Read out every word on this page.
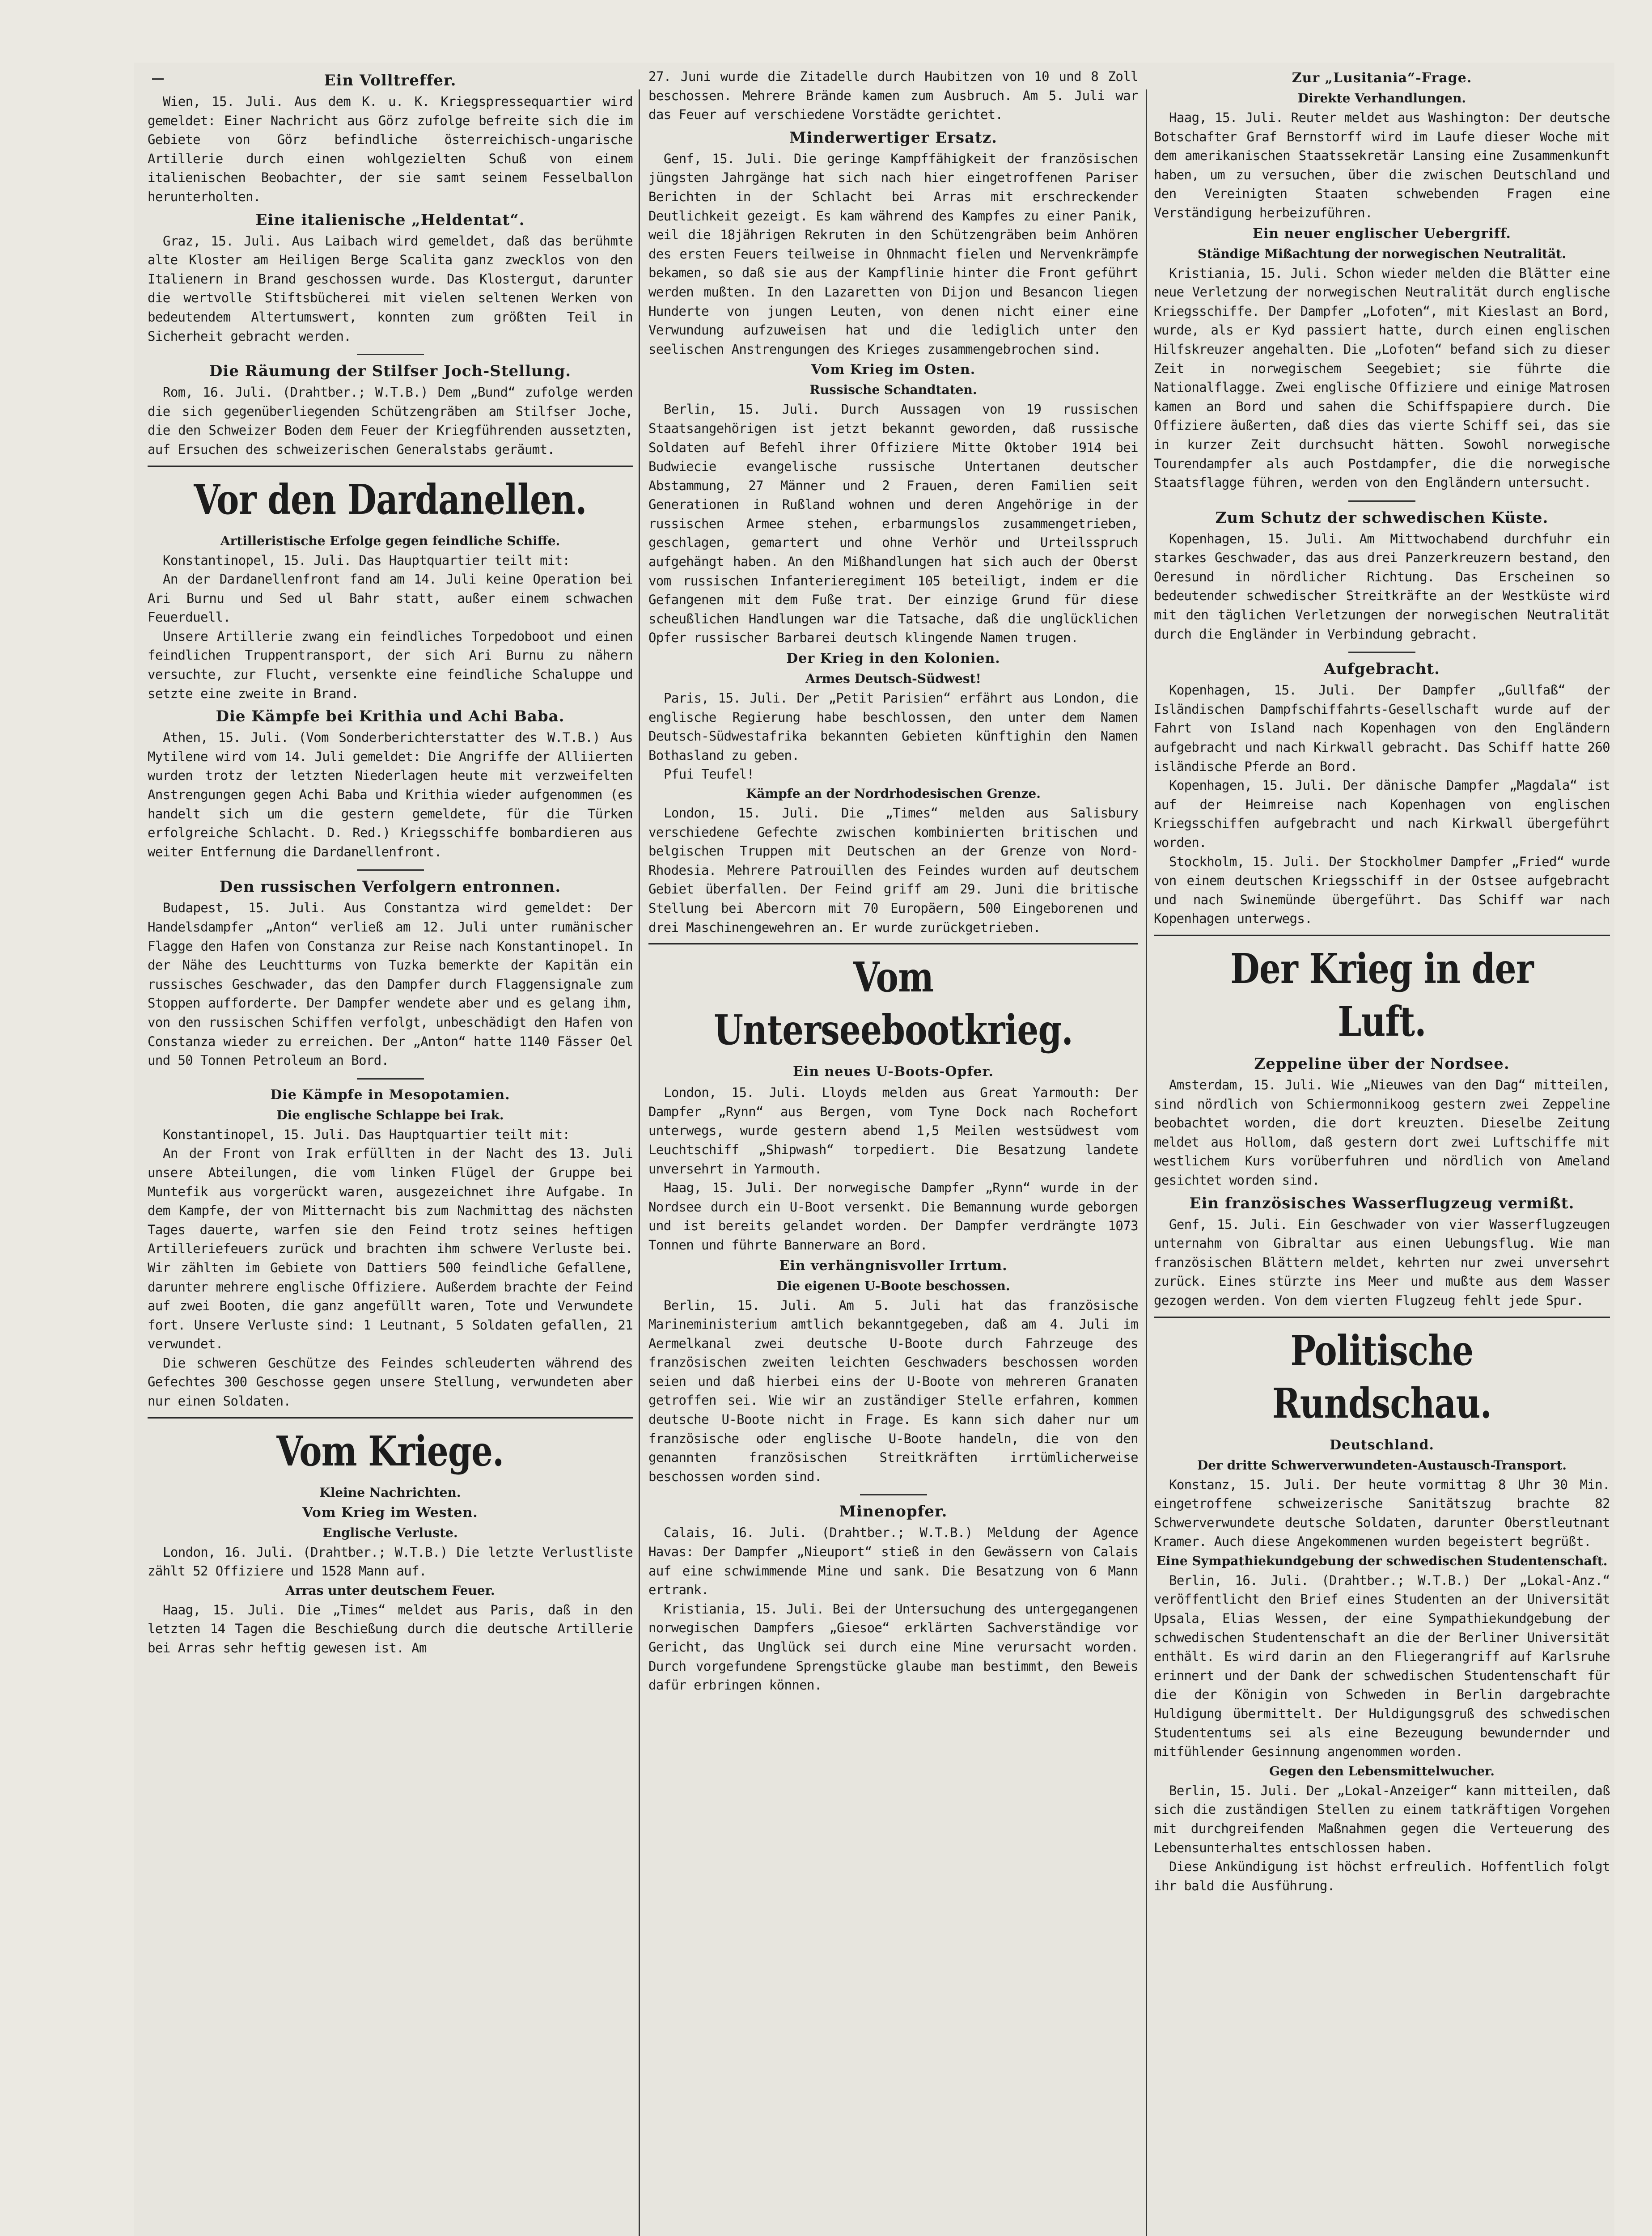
Ein Volltreffer.

Wien, 15. Juli. Aus dem K. u. K. Kriegspressequartier wird gemeldet: Einer Nachricht aus Görz zufolge befreite sich die im Gebiete von Görz befindliche österreichisch-ungarische Artillerie durch einen wohlgezielten Schuß von einem italienischen Beobachter, der sie samt seinem Fesselballon herunterholten.

Eine italienische „Heldentat“.

Graz, 15. Juli. Aus Laibach wird gemeldet, daß das berühmte alte Kloster am Heiligen Berge Scalita ganz zwecklos von den Italienern in Brand geschossen wurde. Das Klostergut, darunter die wertvolle Stiftsbücherei mit vielen seltenen Werken von bedeutendem Altertumswert, konnten zum größten Teil in Sicherheit gebracht werden.

Die Räumung der Stilfser Joch-Stellung.

Rom, 16. Juli. (Drahtber.; W.T.B.) Dem „Bund“ zufolge werden die sich gegenüberliegenden Schützengräben am Stilfser Joche, die den Schweizer Boden dem Feuer der Kriegführenden aussetzten, auf Ersuchen des schweizerischen Generalstabs geräumt.

Vor den Dardanellen.
Artilleristische Erfolge gegen feindliche Schiffe.

Konstantinopel, 15. Juli. Das Hauptquartier teilt mit:

An der Dardanellenfront fand am 14. Juli keine Operation bei Ari Burnu und Sed ul Bahr statt, außer einem schwachen Feuerduell.

Unsere Artillerie zwang ein feindliches Torpedoboot und einen feindlichen Truppentransport, der sich Ari Burnu zu nähern versuchte, zur Flucht, versenkte eine feindliche Schaluppe und setzte eine zweite in Brand.

Die Kämpfe bei Krithia und Achi Baba.

Athen, 15. Juli. (Vom Sonderberichterstatter des W.T.B.) Aus Mytilene wird vom 14. Juli gemeldet: Die Angriffe der Alliierten wurden trotz der letzten Niederlagen heute mit verzweifelten Anstrengungen gegen Achi Baba und Krithia wieder aufgenommen (es handelt sich um die gestern gemeldete, für die Türken erfolgreiche Schlacht. D. Red.) Kriegsschiffe bombardieren aus weiter Entfernung die Dardanellenfront.

Den russischen Verfolgern entronnen.

Budapest, 15. Juli. Aus Constantza wird gemeldet: Der Handelsdampfer „Anton“ verließ am 12. Juli unter rumänischer Flagge den Hafen von Constanza zur Reise nach Konstantinopel. In der Nähe des Leuchtturms von Tuzka bemerkte der Kapitän ein russisches Geschwader, das den Dampfer durch Flaggensignale zum Stoppen aufforderte. Der Dampfer wendete aber und es gelang ihm, von den russischen Schiffen verfolgt, unbeschädigt den Hafen von Constanza wieder zu erreichen. Der „Anton“ hatte 1140 Fässer Oel und 50 Tonnen Petroleum an Bord.

Die Kämpfe in Mesopotamien.
Die englische Schlappe bei Irak.

Konstantinopel, 15. Juli. Das Hauptquartier teilt mit:

An der Front von Irak erfüllten in der Nacht des 13. Juli unsere Abteilungen, die vom linken Flügel der Gruppe bei Muntefik aus vorgerückt waren, ausgezeichnet ihre Aufgabe. In dem Kampfe, der von Mitternacht bis zum Nachmittag des nächsten Tages dauerte, warfen sie den Feind trotz seines heftigen Artilleriefeuers zurück und brachten ihm schwere Verluste bei. Wir zählten im Gebiete von Dattiers 500 feindliche Gefallene, darunter mehrere englische Offiziere. Außerdem brachte der Feind auf zwei Booten, die ganz angefüllt waren, Tote und Verwundete fort. Unsere Verluste sind: 1 Leutnant, 5 Soldaten gefallen, 21 verwundet.

Die schweren Geschütze des Feindes schleuderten während des Gefechtes 300 Geschosse gegen unsere Stellung, verwundeten aber nur einen Soldaten.

Vom Kriege.
Kleine Nachrichten.
Vom Krieg im Westen.
Englische Verluste.

London, 16. Juli. (Drahtber.; W.T.B.) Die letzte Verlustliste zählt 52 Offiziere und 1528 Mann auf.

Arras unter deutschem Feuer.

Haag, 15. Juli. Die „Times“ meldet aus Paris, daß in den letzten 14 Tagen die Beschießung durch die deutsche Artillerie bei Arras sehr heftig gewesen ist. Am

27. Juni wurde die Zitadelle durch Haubitzen von 10 und 8 Zoll beschossen. Mehrere Brände kamen zum Ausbruch. Am 5. Juli war das Feuer auf verschiedene Vorstädte gerichtet.

Minderwertiger Ersatz.

Genf, 15. Juli. Die geringe Kampffähigkeit der französischen jüngsten Jahrgänge hat sich nach hier eingetroffenen Pariser Berichten in der Schlacht bei Arras mit erschreckender Deutlichkeit gezeigt. Es kam während des Kampfes zu einer Panik, weil die 18jährigen Rekruten in den Schützengräben beim Anhören des ersten Feuers teilweise in Ohnmacht fielen und Nervenkrämpfe bekamen, so daß sie aus der Kampflinie hinter die Front geführt werden mußten. In den Lazaretten von Dijon und Besancon liegen Hunderte von jungen Leuten, von denen nicht einer eine Verwundung aufzuweisen hat und die lediglich unter den seelischen Anstrengungen des Krieges zusammengebrochen sind.

Vom Krieg im Osten.
Russische Schandtaten.

Berlin, 15. Juli. Durch Aussagen von 19 russischen Staatsangehörigen ist jetzt bekannt geworden, daß russische Soldaten auf Befehl ihrer Offiziere Mitte Oktober 1914 bei Budwiecie evangelische russische Untertanen deutscher Abstammung, 27 Männer und 2 Frauen, deren Familien seit Generationen in Rußland wohnen und deren Angehörige in der russischen Armee stehen, erbarmungslos zusammengetrieben, geschlagen, gemartert und ohne Verhör und Urteilsspruch aufgehängt haben. An den Mißhandlungen hat sich auch der Oberst vom russischen Infanterieregiment 105 beteiligt, indem er die Gefangenen mit dem Fuße trat. Der einzige Grund für diese scheußlichen Handlungen war die Tatsache, daß die unglücklichen Opfer russischer Barbarei deutsch klingende Namen trugen.

Der Krieg in den Kolonien.
Armes Deutsch-Südwest!

Paris, 15. Juli. Der „Petit Parisien“ erfährt aus London, die englische Regierung habe beschlossen, den unter dem Namen Deutsch-Südwestafrika bekannten Gebieten künftighin den Namen Bothasland zu geben.

Pfui Teufel!

Kämpfe an der Nordrhodesischen Grenze.

London, 15. Juli. Die „Times“ melden aus Salisbury verschiedene Gefechte zwischen kombinierten britischen und belgischen Truppen mit Deutschen an der Grenze von Nord-Rhodesia. Mehrere Patrouillen des Feindes wurden auf deutschem Gebiet überfallen. Der Feind griff am 29. Juni die britische Stellung bei Abercorn mit 70 Europäern, 500 Eingeborenen und drei Maschinengewehren an. Er wurde zurückgetrieben.

Vom Unterseebootkrieg.
Ein neues U-Boots-Opfer.

London, 15. Juli. Lloyds melden aus Great Yarmouth: Der Dampfer „Rynn“ aus Bergen, vom Tyne Dock nach Rochefort unterwegs, wurde gestern abend 1,5 Meilen westsüdwest vom Leuchtschiff „Shipwash“ torpediert. Die Besatzung landete unversehrt in Yarmouth.

Haag, 15. Juli. Der norwegische Dampfer „Rynn“ wurde in der Nordsee durch ein U-Boot versenkt. Die Bemannung wurde geborgen und ist bereits gelandet worden. Der Dampfer verdrängte 1073 Tonnen und führte Bannerware an Bord.

Ein verhängnisvoller Irrtum.
Die eigenen U-Boote beschossen.

Berlin, 15. Juli. Am 5. Juli hat das französische Marineministerium amtlich bekanntgegeben, daß am 4. Juli im Aermelkanal zwei deutsche U-Boote durch Fahrzeuge des französischen zweiten leichten Geschwaders beschossen worden seien und daß hierbei eins der U-Boote von mehreren Granaten getroffen sei. Wie wir an zuständiger Stelle erfahren, kommen deutsche U-Boote nicht in Frage. Es kann sich daher nur um französische oder englische U-Boote handeln, die von den genannten französischen Streitkräften irrtümlicherweise beschossen worden sind.

Minenopfer.

Calais, 16. Juli. (Drahtber.; W.T.B.) Meldung der Agence Havas: Der Dampfer „Nieuport“ stieß in den Gewässern von Calais auf eine schwimmende Mine und sank. Die Besatzung von 6 Mann ertrank.

Kristiania, 15. Juli. Bei der Untersuchung des untergegangenen norwegischen Dampfers „Giesoe“ erklärten Sachverständige vor Gericht, das Unglück sei durch eine Mine verursacht worden. Durch vorgefundene Sprengstücke glaube man bestimmt, den Beweis dafür erbringen können.

Zur „Lusitania“-Frage.
Direkte Verhandlungen.

Haag, 15. Juli. Reuter meldet aus Washington: Der deutsche Botschafter Graf Bernstorff wird im Laufe dieser Woche mit dem amerikanischen Staatssekretär Lansing eine Zusammenkunft haben, um zu versuchen, über die zwischen Deutschland und den Vereinigten Staaten schwebenden Fragen eine Verständigung herbeizuführen.

Ein neuer englischer Uebergriff.
Ständige Mißachtung der norwegischen Neutralität.

Kristiania, 15. Juli. Schon wieder melden die Blätter eine neue Verletzung der norwegischen Neutralität durch englische Kriegsschiffe. Der Dampfer „Lofoten“, mit Kieslast an Bord, wurde, als er Kyd passiert hatte, durch einen englischen Hilfskreuzer angehalten. Die „Lofoten“ befand sich zu dieser Zeit in norwegischem Seegebiet; sie führte die Nationalflagge. Zwei englische Offiziere und einige Matrosen kamen an Bord und sahen die Schiffspapiere durch. Die Offiziere äußerten, daß dies das vierte Schiff sei, das sie in kurzer Zeit durchsucht hätten. Sowohl norwegische Tourendampfer als auch Postdampfer, die die norwegische Staatsflagge führen, werden von den Engländern untersucht.

Zum Schutz der schwedischen Küste.

Kopenhagen, 15. Juli. Am Mittwochabend durchfuhr ein starkes Geschwader, das aus drei Panzerkreuzern bestand, den Oeresund in nördlicher Richtung. Das Erscheinen so bedeutender schwedischer Streitkräfte an der Westküste wird mit den täglichen Verletzungen der norwegischen Neutralität durch die Engländer in Verbindung gebracht.

Aufgebracht.

Kopenhagen, 15. Juli. Der Dampfer „Gullfaß“ der Isländischen Dampfschiffahrts-Gesellschaft wurde auf der Fahrt von Island nach Kopenhagen von den Engländern aufgebracht und nach Kirkwall gebracht. Das Schiff hatte 260 isländische Pferde an Bord.

Kopenhagen, 15. Juli. Der dänische Dampfer „Magdala“ ist auf der Heimreise nach Kopenhagen von englischen Kriegsschiffen aufgebracht und nach Kirkwall übergeführt worden.

Stockholm, 15. Juli. Der Stockholmer Dampfer „Fried“ wurde von einem deutschen Kriegsschiff in der Ostsee aufgebracht und nach Swinemünde übergeführt. Das Schiff war nach Kopenhagen unterwegs.

Der Krieg in der Luft.
Zeppeline über der Nordsee.

Amsterdam, 15. Juli. Wie „Nieuwes van den Dag“ mitteilen, sind nördlich von Schiermonnikoog gestern zwei Zeppeline beobachtet worden, die dort kreuzten. Dieselbe Zeitung meldet aus Hollom, daß gestern dort zwei Luftschiffe mit westlichem Kurs vorüberfuhren und nördlich von Ameland gesichtet worden sind.

Ein französisches Wasserflugzeug vermißt.

Genf, 15. Juli. Ein Geschwader von vier Wasserflugzeugen unternahm von Gibraltar aus einen Uebungsflug. Wie man französischen Blättern meldet, kehrten nur zwei unversehrt zurück. Eines stürzte ins Meer und mußte aus dem Wasser gezogen werden. Von dem vierten Flugzeug fehlt jede Spur.

Politische Rundschau.
Deutschland.
Der dritte Schwerverwundeten-Austausch-Transport.

Konstanz, 15. Juli. Der heute vormittag 8 Uhr 30 Min. eingetroffene schweizerische Sanitätszug brachte 82 Schwerverwundete deutsche Soldaten, darunter Oberstleutnant Kramer. Auch diese Angekommenen wurden begeistert begrüßt.

Eine Sympathiekundgebung der schwedischen Studentenschaft.

Berlin, 16. Juli. (Drahtber.; W.T.B.) Der „Lokal-Anz.“ veröffentlicht den Brief eines Studenten an der Universität Upsala, Elias Wessen, der eine Sympathiekundgebung der schwedischen Studentenschaft an die der Berliner Universität enthält. Es wird darin an den Fliegerangriff auf Karlsruhe erinnert und der Dank der schwedischen Studentenschaft für die der Königin von Schweden in Berlin dargebrachte Huldigung übermittelt. Der Huldigungsgruß des schwedischen Studententums sei als eine Bezeugung bewundernder und mitfühlender Gesinnung angenommen worden.

Gegen den Lebensmittelwucher.

Berlin, 15. Juli. Der „Lokal-Anzeiger“ kann mitteilen, daß sich die zuständigen Stellen zu einem tatkräftigen Vorgehen mit durchgreifenden Maßnahmen gegen die Verteuerung des Lebensunterhaltes entschlossen haben.

Diese Ankündigung ist höchst erfreulich. Hoffentlich folgt ihr bald die Ausführung.
